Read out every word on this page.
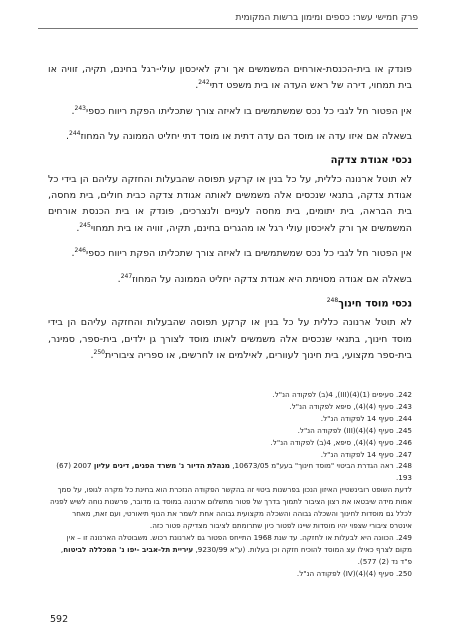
פרק חמישי עשר: כספים ומימון ברשות המקומית

פונדק או בית-הכנסת-אורחים המשמשים אך ורק לאיכסון עולי-רגל בחינם, תקיה, זוויה או בית תמחוי, דירה של ראש העדה או בית משפט דתי$^{242}$.

אין הפטור חל לגבי כל נכס שמשתמשים בו לאיזה צורך שתכליתו הפקת ריווח כספי$^{243}$.

בשאלה אם איזו עדה או מוסד הם עדה דתית או מוסד דתי יחליט הממונה על המחוז$^{244}$.

נכסי אגודת צדקה

לא תוטל ארנונה כללית, על כל בנין או קרקע תפוסה שהבעלות והחזקה עליהם הן בידי כל אגודת צדקה, בתנאי שנכסים אלה משמשים לאותה אגודת צדקה כבית חולים, בית מחסה, בית הבראה, בית יתומים, בית מחסה לעניים ולנצרכים, פונדק או בית הכנסת אורחים המשמשים אך ורק לאיכסון עולי רגל או מהגרים בחינם, תקיה, זוויה או בית תמחוי$^{245}$.

אין הפטור חל לגבי כל נכס שמשתמשים בו לאיזה צורך שתכליתו הפקת ריווח כספי$^{246}$.

בשאלה אם אגודה מסוימת היא אגודת צדקה יחליט הממונה על המחוז$^{247}$.

נכסי מוסד חינוך$^{248}$

לא תוטל ארנונה כללית על כל בנין או קרקע תפוסה שהבעלות והחזקה עליהם הן בידי מוסד חינוך, בתנאי שנכסים אלה משמשים לאותו מוסד לצורך גן ילדים, בית-ספר, סמינר, בית-ספר מקצועי, בית חינוך לעוורים, לאילמים או לחרשים, או ספריה ציבורית$^{250}$.

242. סעיפים (1)(4)(III), 4(ב) לפקודה הנ"ל.

243. סעיף (4)(4), סיפא לפקודה הנ"ל.

244. סעיף 14 לפקודה הנ"ל.

245. סעיף (4)(4)(III) לפקודה הנ"ל.

246. סעיף (4)(4), סיפא, 4(ב) לפקודה הנ"ל.

247. סעיף 14 לפקודה הנ"ל.

248. ראה הגדרת הביטוי "מוסד חינוך" בעע"מ 10673/05, מנהלת הדיור נ' משרד הפנים, דינים עליון 2007 (67) 193.

לדעת השופט רובינשטיין האיזון הנכון בפרשנות ביטוי זה בהקשר הפקודה הנזכרת הוא בחינת כל מקרה לגופו, על סמך אמות מידה שיבטאו את רצון הציבור לתמוך בדרך של פטור מתשלום ארנונה במוסד בו מדובר, פרשנות נוחה לשיש לפניה לכלל גם מוסדות לחינוך והשכלה גבוהה והשכלה מקצועית גבוהה אחת לשמר את הנוף תיאורטי, ועם זאת, מאחר אינטרס ציבורי שצפוי יהיו מוסדות שיינו לפטור כיון שתרומתם לציבור מצדיקה פטור כזה.

249. הכוונה היא לבעלות או לחזקה. עד שנת 1968 התייחס הפטור גם לארנונת רכוש. משבוטלה הארנונה זו – אין מקום לצרף כאילו עצ המוסד להוכיח חזקה וכן בעלות. (ע"א 9230/99, עיריית תל-אביב -יפו נ' המכללה לביטוח, פ"ד נד (2) 577).

250. סעיף (4)(4)(IV) לפקודה הנ"ל.

592
